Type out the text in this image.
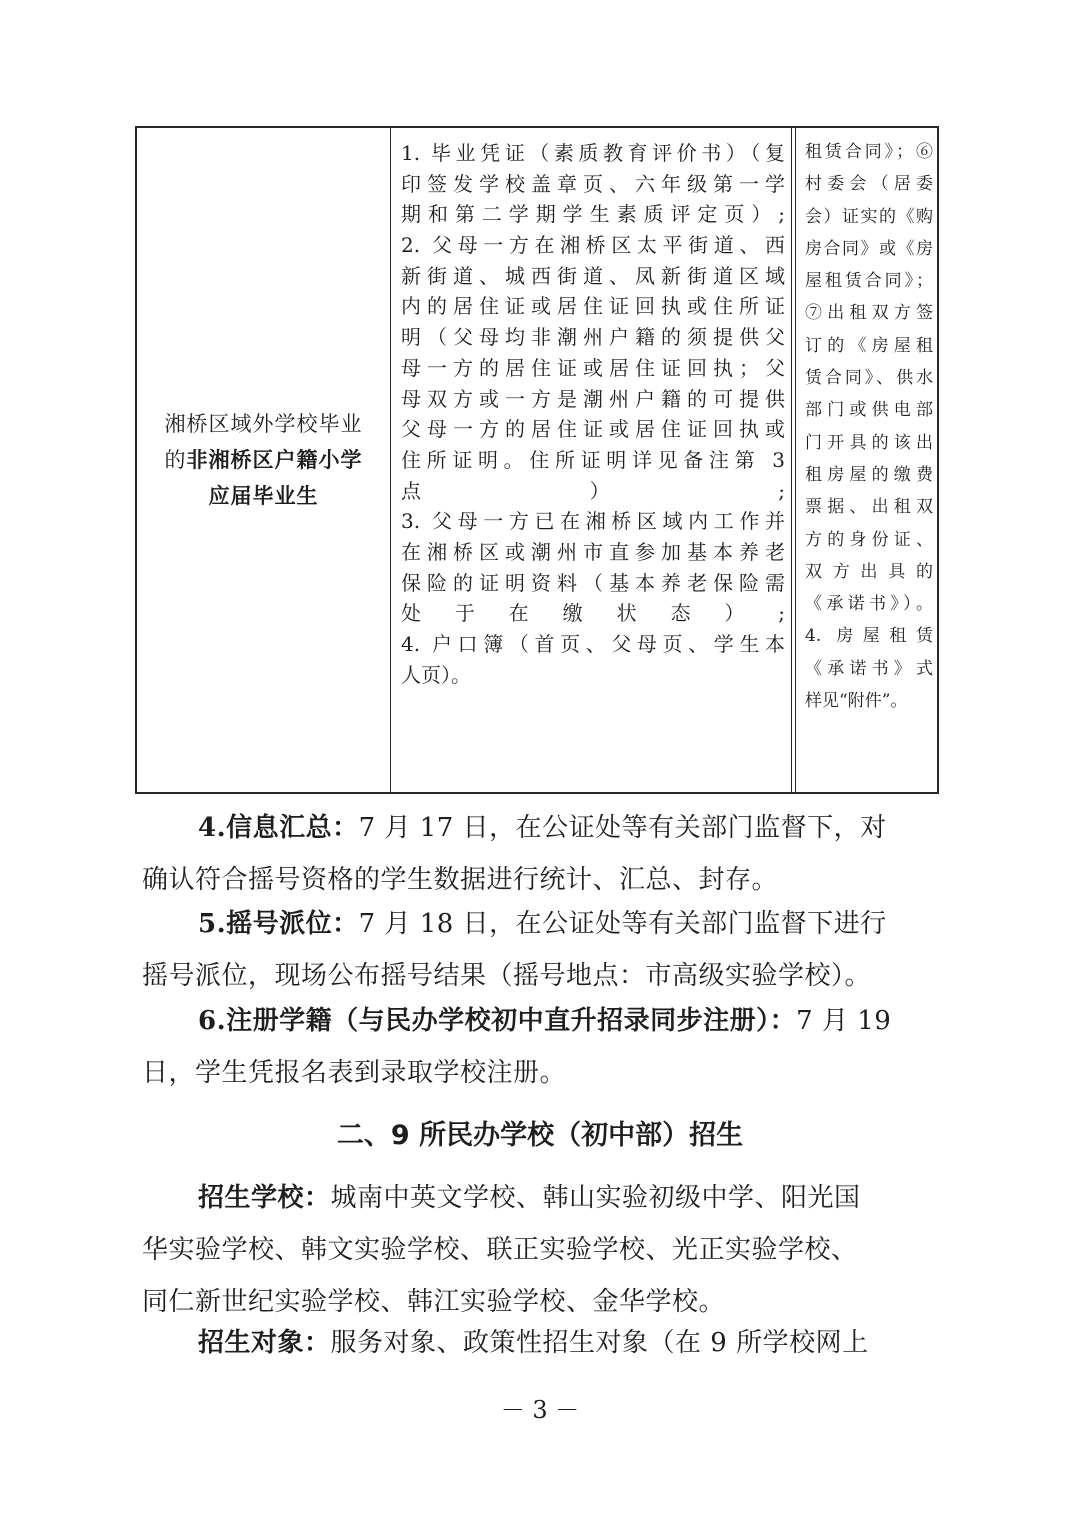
湘桥区域外学校毕业
的非湘桥区户籍小学
应届毕业生
1. 毕业凭证（素质教育评价书）（复
印签发学校盖章页、六年级第一学
期和第二学期学生素质评定页）;
2. 父母一方在湘桥区太平街道、西
新街道、城西街道、凤新街道区域
内的居住证或居住证回执或住所证
明（父母均非潮州户籍的须提供父
母一方的居住证或居住证回执；父
母双方或一方是潮州户籍的可提供
父母一方的居住证或居住证回执或
住所证明。住所证明详见备注第 3
点）;
3. 父母一方已在湘桥区域内工作并
在湘桥区或潮州市直参加基本养老
保险的证明资料（基本养老保险需
处于在缴状态）;
4. 户口簿（首页、父母页、学生本
人页）。
租赁合同》；⑥
村委会（居委
会）证实的《购
房合同》或《房
屋租赁合同》；
⑦出租双方签
订的《房屋租
赁合同》、供水
部门或供电部
门开具的该出
租房屋的缴费
票据、出租双
方的身份证、
双方出具的
《承诺书》）。
4. 房屋租赁
《承诺书》式
样见“附件”。
4.信息汇总：7 月 17 日，在公证处等有关部门监督下，对
确认符合摇号资格的学生数据进行统计、汇总、封存。
5.摇号派位：7 月 18 日，在公证处等有关部门监督下进行
摇号派位，现场公布摇号结果（摇号地点：市高级实验学校）。
6.注册学籍（与民办学校初中直升招录同步注册）：7 月 19
日，学生凭报名表到录取学校注册。
二、9 所民办学校（初中部）招生
招生学校：城南中英文学校、韩山实验初级中学、阳光国
华实验学校、韩文实验学校、联正实验学校、光正实验学校、
同仁新世纪实验学校、韩江实验学校、金华学校。
招生对象：服务对象、政策性招生对象（在 9 所学校网上
－ 3 －
